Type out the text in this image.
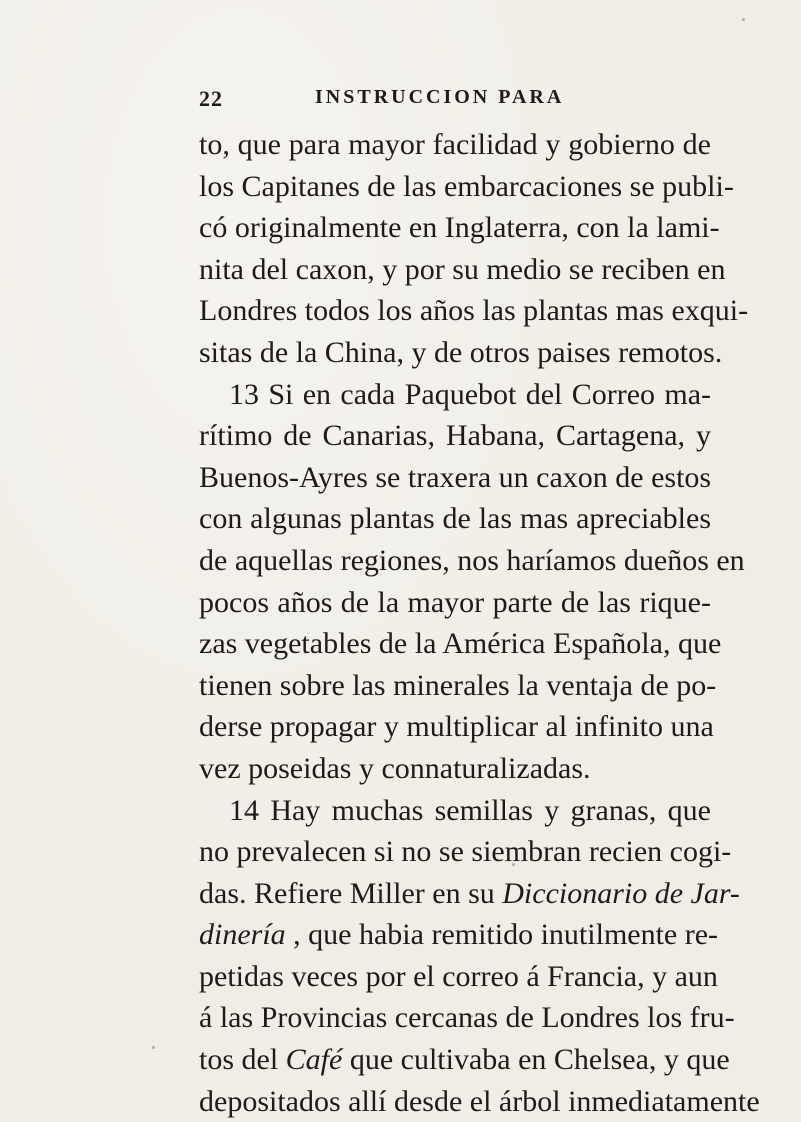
22	INSTRUCCION PARA
to, que para mayor facilidad y gobierno de
los Capitanes de las embarcaciones se publi-
có originalmente en Inglaterra, con la lami-
nita del caxon, y por su medio se reciben en
Londres todos los años las plantas mas exqui-
sitas de la China, y de otros paises remotos.
13 Si en cada Paquebot del Correo ma-
rítimo de Canarias, Habana, Cartagena, y
Buenos-Ayres se traxera un caxon de estos
con algunas plantas de las mas apreciables
de aquellas regiones, nos haríamos dueños en
pocos años de la mayor parte de las rique-
zas vegetables de la América Española, que
tienen sobre las minerales la ventaja de po-
derse propagar y multiplicar al infinito una
vez poseidas y connaturalizadas.
14 Hay muchas semillas y granas, que
no prevalecen si no se siembran recien cogi-
das. Refiere Miller en su Diccionario de Jar-
dinería , que habia remitido inutilmente re-
petidas veces por el correo á Francia, y aun
á las Provincias cercanas de Londres los fru-
tos del Café que cultivaba en Chelsea, y que
depositados allí desde el árbol inmediatamente
